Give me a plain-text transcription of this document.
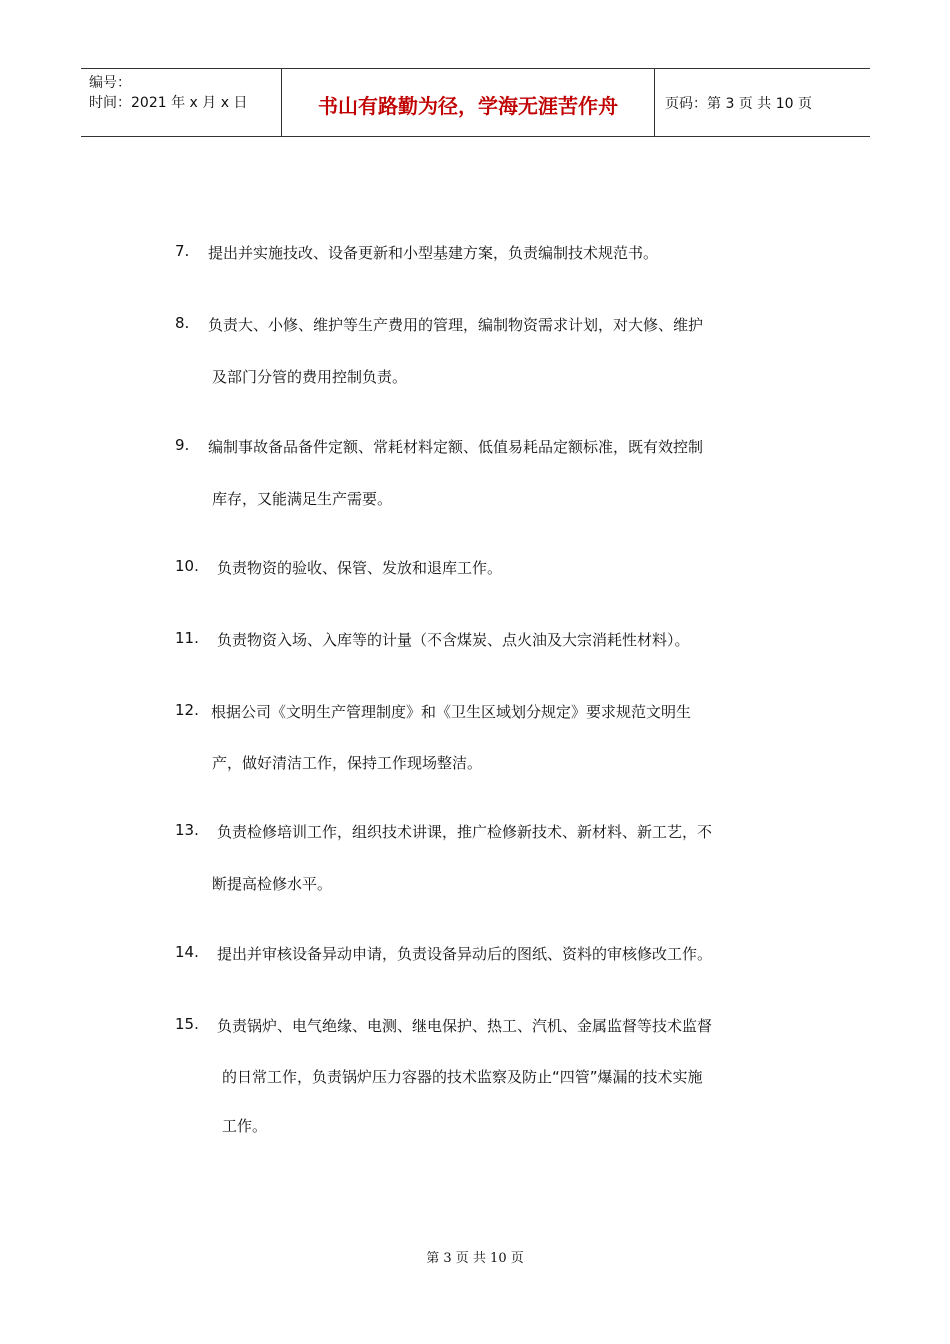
编号：
时间：2021 年 x 月 x 日	书山有路勤为径，学海无涯苦作舟	页码：第 3 页 共 10 页
7. 提出并实施技改、设备更新和小型基建方案，负责编制技术规范书。
8. 负责大、小修、维护等生产费用的管理，编制物资需求计划，对大修、维护
及部门分管的费用控制负责。
9. 编制事故备品备件定额、常耗材料定额、低值易耗品定额标准，既有效控制
库存，又能满足生产需要。
10. 负责物资的验收、保管、发放和退库工作。
11. 负责物资入场、入库等的计量（不含煤炭、点火油及大宗消耗性材料）。
12. 根据公司《文明生产管理制度》和《卫生区域划分规定》要求规范文明生
产，做好清洁工作，保持工作现场整洁。
13. 负责检修培训工作，组织技术讲课，推广检修新技术、新材料、新工艺，不
断提高检修水平。
14. 提出并审核设备异动申请，负责设备异动后的图纸、资料的审核修改工作。
15. 负责锅炉、电气绝缘、电测、继电保护、热工、汽机、金属监督等技术监督
的日常工作，负责锅炉压力容器的技术监察及防止“四管”爆漏的技术实施
工作。
第 3 页 共 10 页
